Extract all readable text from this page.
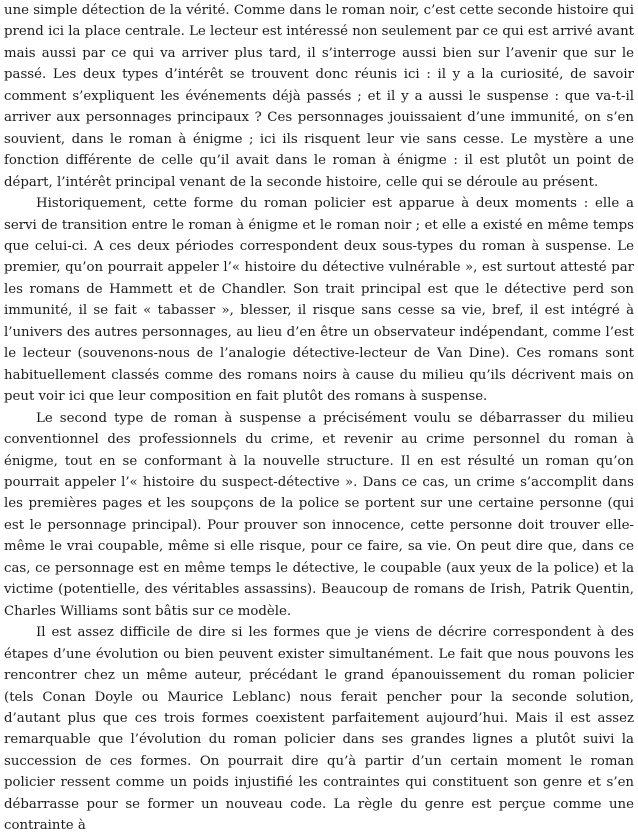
une simple détection de la vérité. Comme dans le roman noir, c’est cette seconde histoire qui prend ici la place centrale. Le lecteur est intéressé non seulement par ce qui est arrivé avant mais aussi par ce qui va arriver plus tard, il s’interroge aussi bien sur l’avenir que sur le passé. Les deux types d’intérêt se trouvent donc réunis ici : il y a la curiosité, de savoir comment s’expliquent les événements déjà passés ; et il y a aussi le suspense : que va-t-il arriver aux personnages principaux ? Ces personnages jouissaient d’une immunité, on s’en souvient, dans le roman à énigme ; ici ils risquent leur vie sans cesse. Le mystère a une fonction différente de celle qu’il avait dans le roman à énigme : il est plutôt un point de départ, l’intérêt principal venant de la seconde histoire, celle qui se déroule au présent.

Historiquement, cette forme du roman policier est apparue à deux moments : elle a servi de transition entre le roman à énigme et le roman noir ; et elle a existé en même temps que celui-ci. A ces deux périodes correspondent deux sous-types du roman à suspense. Le premier, qu’on pourrait appeler l’« histoire du détective vulnérable », est surtout attesté par les romans de Hammett et de Chandler. Son trait principal est que le détective perd son immunité, il se fait « tabasser », blesser, il risque sans cesse sa vie, bref, il est intégré à l’univers des autres personnages, au lieu d’en être un observateur indépendant, comme l’est le lecteur (souvenons-nous de l’analogie détective-lecteur de Van Dine). Ces romans sont habituellement classés comme des romans noirs à cause du milieu qu’ils décrivent mais on peut voir ici que leur composition en fait plutôt des romans à suspense.

Le second type de roman à suspense a précisément voulu se débarrasser du milieu conventionnel des professionnels du crime, et revenir au crime personnel du roman à énigme, tout en se conformant à la nouvelle structure. Il en est résulté un roman qu’on pourrait appeler l’« histoire du suspect-détective ». Dans ce cas, un crime s’accomplit dans les premières pages et les soupçons de la police se portent sur une certaine personne (qui est le personnage principal). Pour prouver son innocence, cette personne doit trouver elle-même le vrai coupable, même si elle risque, pour ce faire, sa vie. On peut dire que, dans ce cas, ce personnage est en même temps le détective, le coupable (aux yeux de la police) et la victime (potentielle, des véritables assassins). Beaucoup de romans de Irish, Patrik Quentin, Charles Williams sont bâtis sur ce modèle.

Il est assez difficile de dire si les formes que je viens de décrire correspondent à des étapes d’une évolution ou bien peuvent exister simultanément. Le fait que nous pouvons les rencontrer chez un même auteur, précédant le grand épanouissement du roman policier (tels Conan Doyle ou Maurice Leblanc) nous ferait pencher pour la seconde solution, d’autant plus que ces trois formes coexistent parfaitement aujourd’hui. Mais il est assez remarquable que l’évolution du roman policier dans ses grandes lignes a plutôt suivi la succession de ces formes. On pourrait dire qu’à partir d’un certain moment le roman policier ressent comme un poids injustifié les contraintes qui constituent son genre et s’en débarrasse pour se former un nouveau code. La règle du genre est perçue comme une contrainte à
